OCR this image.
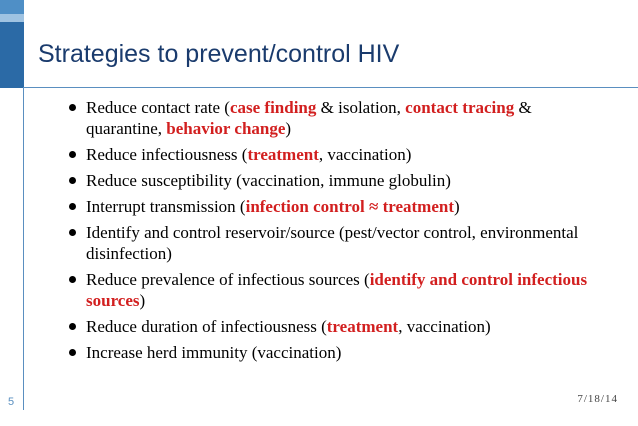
Strategies to prevent/control HIV
Reduce contact rate (case finding & isolation, contact tracing & quarantine, behavior change)
Reduce infectiousness (treatment, vaccination)
Reduce susceptibility (vaccination, immune globulin)
Interrupt transmission (infection control ≈ treatment)
Identify and control reservoir/source (pest/vector control, environmental disinfection)
Reduce prevalence of infectious sources (identify and control infectious sources)
Reduce duration of infectiousness (treatment, vaccination)
Increase herd immunity (vaccination)
5	7/18/14
